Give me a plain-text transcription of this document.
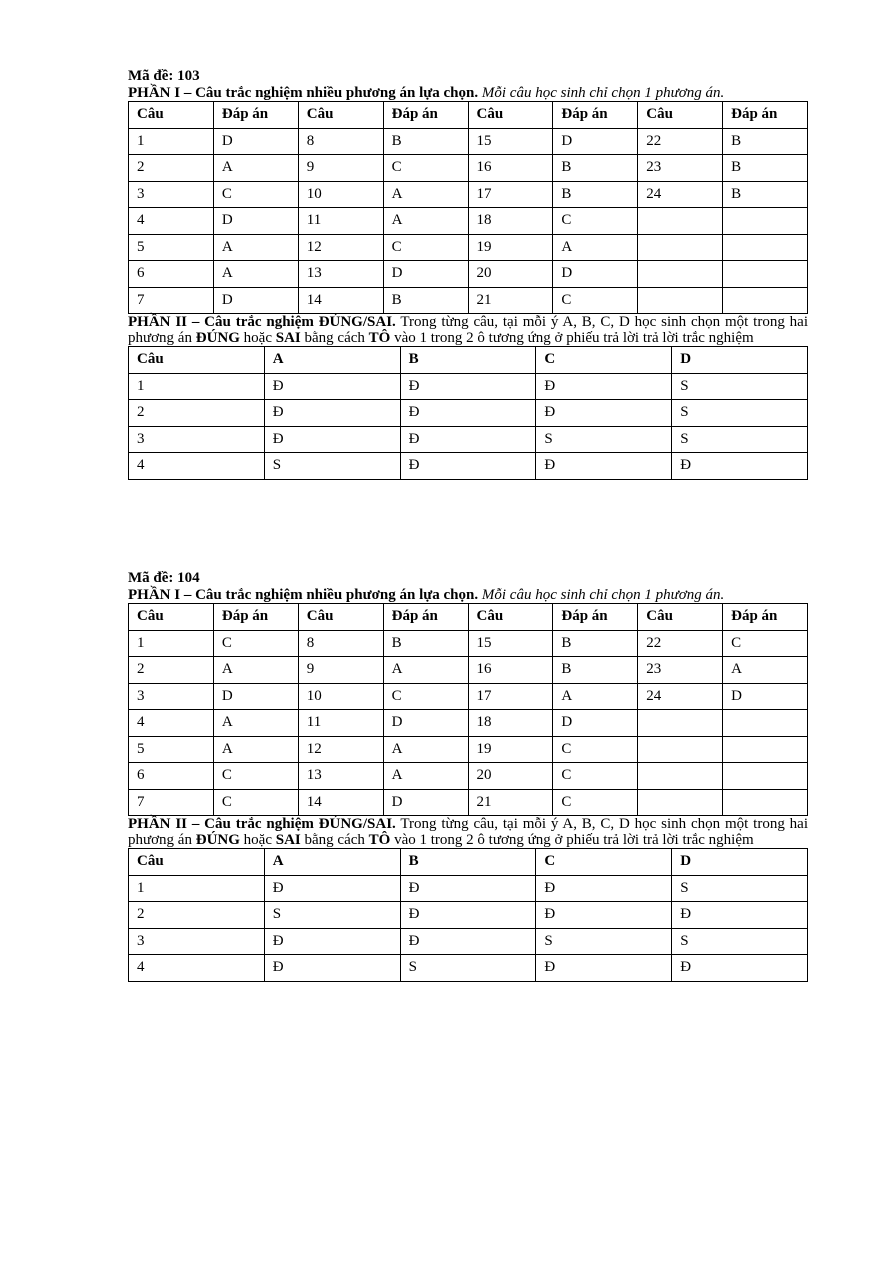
Mã đề: 103

PHẦN I – Câu trắc nghiệm nhiều phương án lựa chọn. Mỗi câu học sinh chỉ chọn 1 phương án.

Câu	Đáp án	Câu	Đáp án	Câu	Đáp án	Câu	Đáp án
1	D	8	B	15	D	22	B
2	A	9	C	16	B	23	B
3	C	10	A	17	B	24	B
4	D	11	A	18	C		
5	A	12	C	19	A		
6	A	13	D	20	D		
7	D	14	B	21	C		

PHẦN II – Câu trắc nghiệm ĐÚNG/SAI. Trong từng câu, tại mỗi ý A, B, C, D học sinh chọn một trong hai phương án ĐÚNG hoặc SAI bằng cách TÔ vào 1 trong 2 ô tương ứng ở phiếu trả lời trả lời trắc nghiệm

Câu	A	B	C	D
1	Đ	Đ	Đ	S
2	Đ	Đ	Đ	S
3	Đ	Đ	S	S
4	S	Đ	Đ	Đ

Mã đề: 104

PHẦN I – Câu trắc nghiệm nhiều phương án lựa chọn. Mỗi câu học sinh chỉ chọn 1 phương án.

Câu	Đáp án	Câu	Đáp án	Câu	Đáp án	Câu	Đáp án
1	C	8	B	15	B	22	C
2	A	9	A	16	B	23	A
3	D	10	C	17	A	24	D
4	A	11	D	18	D		
5	A	12	A	19	C		
6	C	13	A	20	C		
7	C	14	D	21	C		

PHẦN II – Câu trắc nghiệm ĐÚNG/SAI. Trong từng câu, tại mỗi ý A, B, C, D học sinh chọn một trong hai phương án ĐÚNG hoặc SAI bằng cách TÔ vào 1 trong 2 ô tương ứng ở phiếu trả lời trả lời trắc nghiệm

Câu	A	B	C	D
1	Đ	Đ	Đ	S
2	S	Đ	Đ	Đ
3	Đ	Đ	S	S
4	Đ	S	Đ	Đ
